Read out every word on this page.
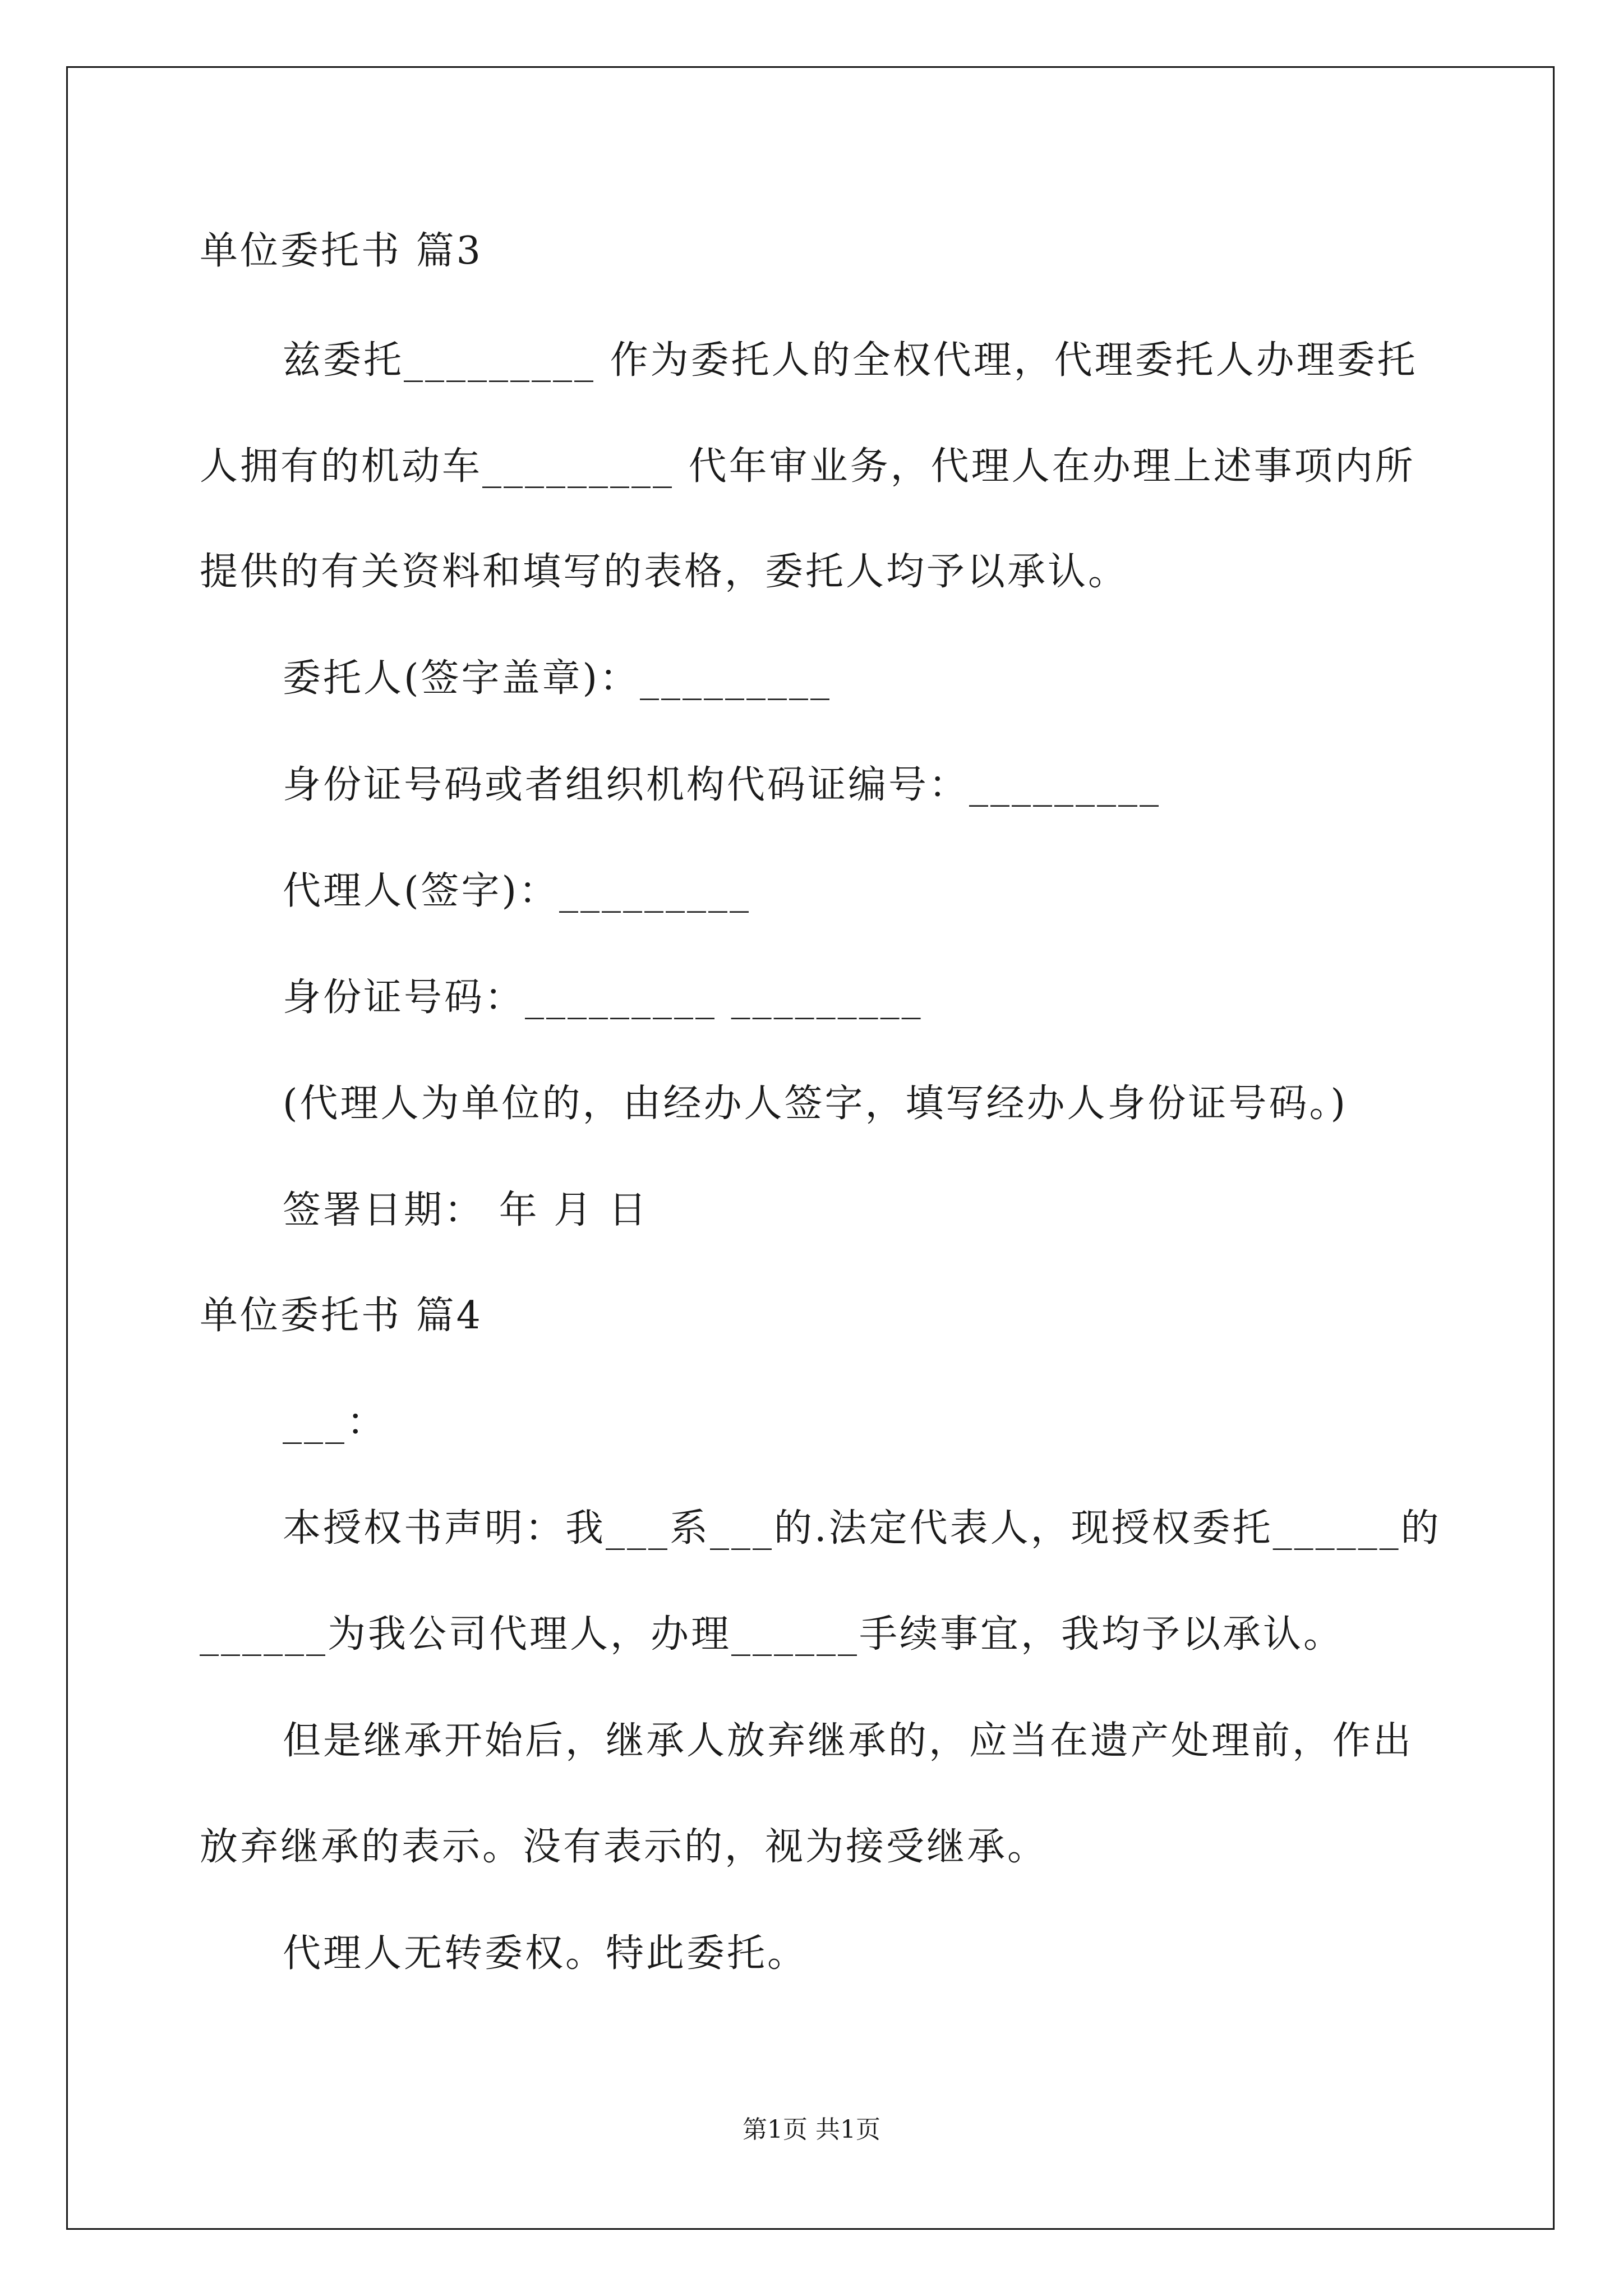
单位委托书 篇3
兹委托_________ 作为委托人的全权代理，代理委托人办理委托
人拥有的机动车_________ 代年审业务，代理人在办理上述事项内所
提供的有关资料和填写的表格，委托人均予以承认。
委托人(签字盖章)：_________
身份证号码或者组织机构代码证编号：_________
代理人(签字)：_________
身份证号码：_________ _________
(代理人为单位的，由经办人签字，填写经办人身份证号码。)
签署日期： 年 月 日
单位委托书 篇4
___：
本授权书声明：我___系___的.法定代表人，现授权委托______的
______为我公司代理人，办理______手续事宜，我均予以承认。
但是继承开始后，继承人放弃继承的，应当在遗产处理前，作出
放弃继承的表示。没有表示的，视为接受继承。
代理人无转委权。特此委托。
第1页 共1页
